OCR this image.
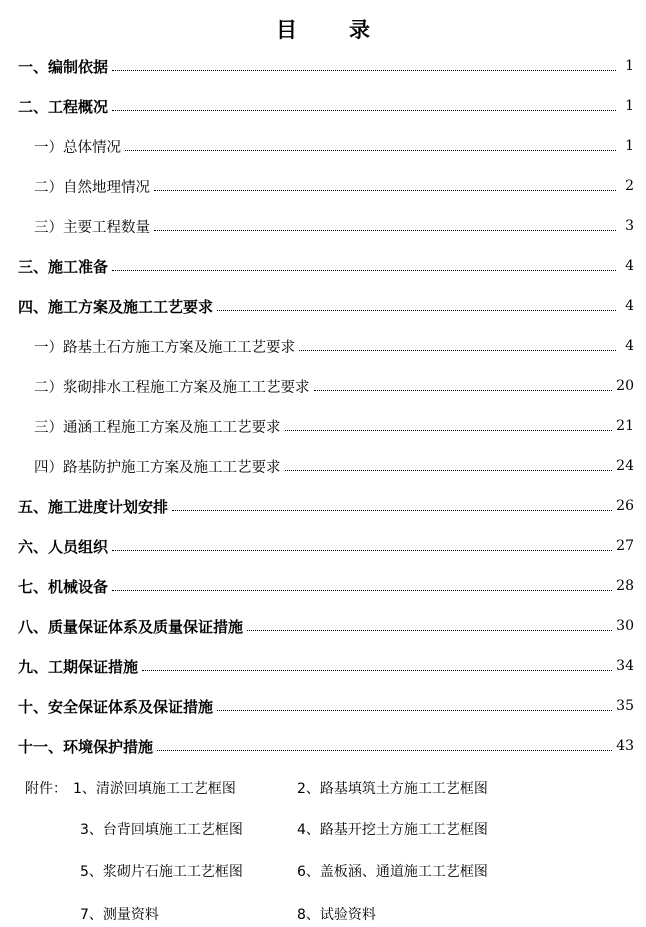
目 录
一、编制依据	1
二、工程概况	1
一）总体情况	1
二）自然地理情况	2
三）主要工程数量	3
三、施工准备	4
四、施工方案及施工工艺要求	4
一）路基土石方施工方案及施工工艺要求	4
二）浆砌排水工程施工方案及施工工艺要求	20
三）通涵工程施工方案及施工工艺要求	21
四）路基防护施工方案及施工工艺要求	24
五、施工进度计划安排	26
六、人员组织	27
七、机械设备	28
八、质量保证体系及质量保证措施	30
九、工期保证措施	34
十、安全保证体系及保证措施	35
十一、环境保护措施	43
附件： 1、清淤回填施工工艺框图	2、路基填筑土方施工工艺框图
3、台背回填施工工艺框图	4、路基开挖土方施工工艺框图
5、浆砌片石施工工艺框图	6、盖板涵、通道施工工艺框图
7、测量资料	8、试验资料
